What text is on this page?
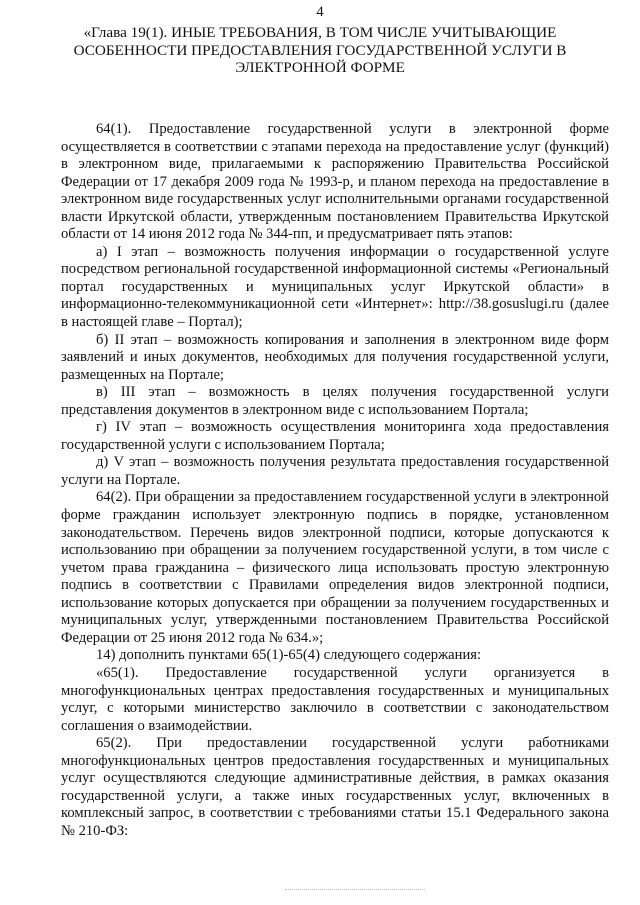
4
«Глава 19(1). ИНЫЕ ТРЕБОВАНИЯ, В ТОМ ЧИСЛЕ УЧИТЫВАЮЩИЕ ОСОБЕННОСТИ ПРЕДОСТАВЛЕНИЯ ГОСУДАРСТВЕННОЙ УСЛУГИ В ЭЛЕКТРОННОЙ ФОРМЕ

64(1). Предоставление государственной услуги в электронной форме осуществляется в соответствии с этапами перехода на предоставление услуг (функций) в электронном виде, прилагаемыми к распоряжению Правительства Российской Федерации от 17 декабря 2009 года № 1993-р, и планом перехода на предоставление в электронном виде государственных услуг исполнительными органами государственной власти Иркутской области, утвержденным постановлением Правительства Иркутской области от 14 июня 2012 года № 344-пп, и предусматривает пять этапов:

а) I этап – возможность получения информации о государственной услуге посредством региональной государственной информационной системы «Региональный портал государственных и муниципальных услуг Иркутской области» в информационно-телекоммуникационной сети «Интернет»: http://38.gosuslugi.ru (далее в настоящей главе – Портал);

б) II этап – возможность копирования и заполнения в электронном виде форм заявлений и иных документов, необходимых для получения государственной услуги, размещенных на Портале;

в) III этап – возможность в целях получения государственной услуги представления документов в электронном виде с использованием Портала;

г) IV этап – возможность осуществления мониторинга хода предоставления государственной услуги с использованием Портала;

д) V этап – возможность получения результата предоставления государственной услуги на Портале.

64(2). При обращении за предоставлением государственной услуги в электронной форме гражданин использует электронную подпись в порядке, установленном законодательством. Перечень видов электронной подписи, которые допускаются к использованию при обращении за получением государственной услуги, в том числе с учетом права гражданина – физического лица использовать простую электронную подпись в соответствии с Правилами определения видов электронной подписи, использование которых допускается при обращении за получением государственных и муниципальных услуг, утвержденными постановлением Правительства Российской Федерации от 25 июня 2012 года № 634.»;

14) дополнить пунктами 65(1)-65(4) следующего содержания:

«65(1). Предоставление государственной услуги организуется в многофункциональных центрах предоставления государственных и муниципальных услуг, с которыми министерство заключило в соответствии с законодательством соглашения о взаимодействии.

65(2). При предоставлении государственной услуги работниками многофункциональных центров предоставления государственных и муниципальных услуг осуществляются следующие административные действия, в рамках оказания государственной услуги, а также иных государственных услуг, включенных в комплексный запрос, в соответствии с требованиями статьи 15.1 Федерального закона № 210-ФЗ:
